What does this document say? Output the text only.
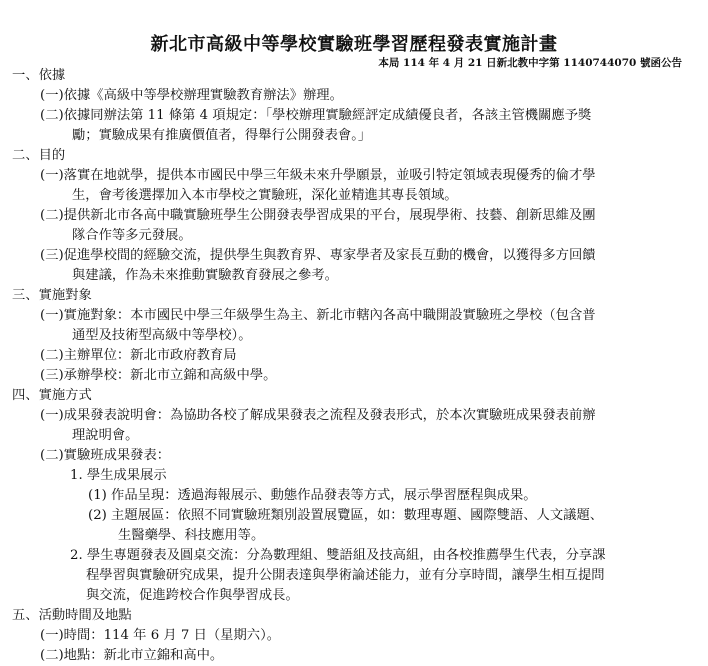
新北市高級中等學校實驗班學習歷程發表實施計畫
本局 114 年 4 月 21 日新北教中字第 1140744070 號函公告
一、依據
(一)依據《高級中等學校辦理實驗教育辦法》辦理。
(二)依據同辦法第 11 條第 4 項規定：「學校辦理實驗經評定成績優良者，各該主管機關應予獎
勵；實驗成果有推廣價值者，得舉行公開發表會。」
二、目的
(一)落實在地就學，提供本市國民中學三年級未來升學願景，並吸引特定領域表現優秀的倫才學
生，會考後選擇加入本市學校之實驗班，深化並精進其專長領域。
(二)提供新北市各高中職實驗班學生公開發表學習成果的平台，展現學術、技藝、創新思維及團
隊合作等多元發展。
(三)促進學校間的經驗交流，提供學生與教育界、專家學者及家長互動的機會，以獲得多方回饋
與建議，作為未來推動實驗教育發展之參考。
三、實施對象
(一)實施對象：本市國民中學三年級學生為主、新北市轄內各高中職開設實驗班之學校（包含普
通型及技術型高級中等學校）。
(二)主辦單位：新北市政府教育局
(三)承辦學校：新北市立錦和高級中學。
四、實施方式
(一)成果發表說明會：為協助各校了解成果發表之流程及發表形式，於本次實驗班成果發表前辦
理說明會。
(二)實驗班成果發表：
1. 學生成果展示
(1) 作品呈現：透過海報展示、動態作品發表等方式，展示學習歷程與成果。
(2) 主題展區：依照不同實驗班類別設置展覽區，如：數理專題、國際雙語、人文議題、
生醫藥學、科技應用等。
2. 學生專題發表及圓桌交流：分為數理組、雙語組及技高組，由各校推薦學生代表，分享課
程學習與實驗研究成果，提升公開表達與學術論述能力，並有分享時間，讓學生相互提問
與交流，促進跨校合作與學習成長。
五、活動時間及地點
(一)時間：114 年 6 月 7 日（星期六）。
(二)地點：新北市立錦和高中。
